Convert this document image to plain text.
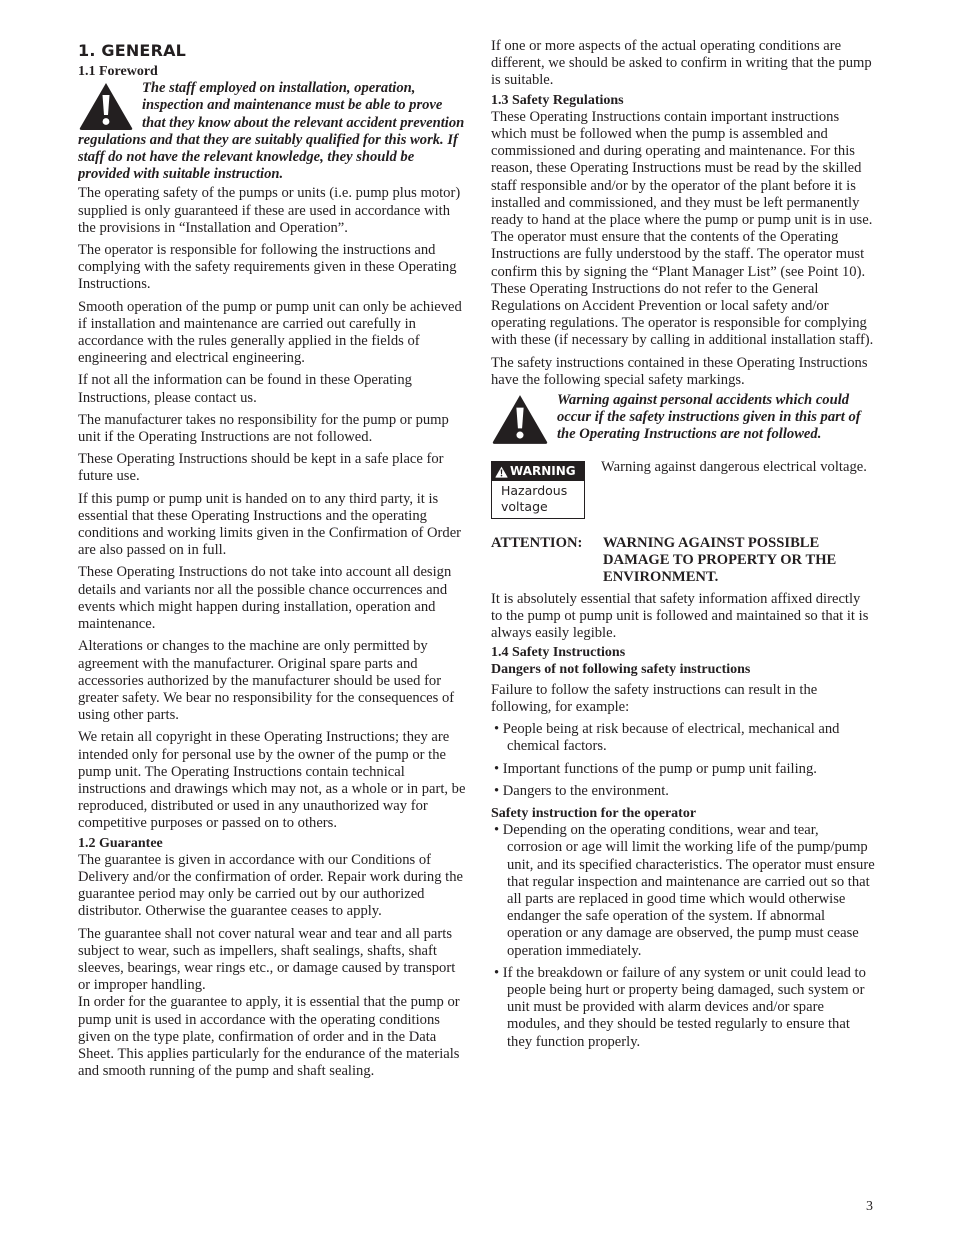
1. GENERAL
1.1 Foreword
The staff employed on installation, operation, inspection and maintenance must be able to prove that they know about the relevant accident prevention regulations and that they are suitably qualified for this work. If staff do not have the relevant knowledge, they should be provided with suitable instruction.

The operating safety of the pumps or units (i.e. pump plus motor) supplied is only guaranteed if these are used in accordance with the provisions in “Installation and Operation”.

The operator is responsible for following the instructions and complying with the safety requirements given in these Operating Instructions.

Smooth operation of the pump or pump unit can only be achieved if installation and maintenance are carried out carefully in accordance with the rules generally applied in the fields of engineering and electrical engineering.

If not all the information can be found in these Operating Instructions, please contact us.

The manufacturer takes no responsibility for the pump or pump unit if the Operating Instructions are not followed.

These Operating Instructions should be kept in a safe place for future use.

If this pump or pump unit is handed on to any third party, it is essential that these Operating Instructions and the operating conditions and working limits given in the Confirmation of Order are also passed on in full.

These Operating Instructions do not take into account all design details and variants nor all the possible chance occurrences and events which might happen during installation, operation and maintenance.

Alterations or changes to the machine are only permitted by agreement with the manufacturer. Original spare parts and accessories authorized by the manufacturer should be used for greater safety. We bear no responsibility for the consequences of using other parts.

We retain all copyright in these Operating Instructions; they are intended only for personal use by the owner of the pump or the pump unit. The Operating Instructions contain technical instructions and drawings which may not, as a whole or in part, be reproduced, distributed or used in any unauthorized way for competitive purposes or passed on to others.

1.2 Guarantee

The guarantee is given in accordance with our Conditions of Delivery and/or the confirmation of order. Repair work during the guarantee period may only be carried out by our authorized distributor. Otherwise the guarantee ceases to apply.

The guarantee shall not cover natural wear and tear and all parts subject to wear, such as impellers, shaft sealings, shafts, shaft sleeves, bearings, wear rings etc., or damage caused by transport or improper handling.

In order for the guarantee to apply, it is essential that the pump or pump unit is used in accordance with the operating conditions given on the type plate, confirmation of order and in the Data Sheet. This applies particularly for the endurance of the materials and smooth running of the pump and shaft sealing.

If one or more aspects of the actual operating conditions are different, we should be asked to confirm in writing that the pump is suitable.

1.3 Safety Regulations

These Operating Instructions contain important instructions which must be followed when the pump is assembled and commissioned and during operating and maintenance. For this reason, these Operating Instructions must be read by the skilled staff responsible and/or by the operator of the plant before it is installed and commissioned, and they must be left permanently ready to hand at the place where the pump or pump unit is in use. The operator must ensure that the contents of the Operating Instructions are fully understood by the staff. The operator must confirm this by signing the “Plant Manager List” (see Point 10). These Operating Instructions do not refer to the General Regulations on Accident Prevention or local safety and/or operating regulations. The operator is responsible for complying with these (if necessary by calling in additional installation staff).

The safety instructions contained in these Operating Instructions have the following special safety markings.

Warning against personal accidents which could occur if the safety instructions given in this part of the Operating Instructions are not followed.
WARNING
Hazardous voltage
Warning against dangerous electrical voltage.
ATTENTION:	WARNING AGAINST POSSIBLE DAMAGE TO PROPERTY OR THE ENVIRONMENT.

It is absolutely essential that safety information affixed directly to the pump ot pump unit is followed and maintained so that it is always easily legible.

1.4 Safety Instructions
Dangers of not following safety instructions

Failure to follow the safety instructions can result in the following, for example:

• People being at risk because of electrical, mechanical and chemical factors.
• Important functions of the pump or pump unit failing.
• Dangers to the environment.
Safety instruction for the operator
• Depending on the operating conditions, wear and tear, corrosion or age will limit the working life of the pump/pump unit, and its specified characteristics. The operator must ensure that regular inspection and maintenance are carried out so that all parts are replaced in good time which would otherwise endanger the safe operation of the system. If abnormal operation or any damage are observed, the pump must cease operation immediately.
• If the breakdown or failure of any system or unit could lead to people being hurt or property being damaged, such system or unit must be provided with alarm devices and/or spare modules, and they should be tested regularly to ensure that they function properly.
3
